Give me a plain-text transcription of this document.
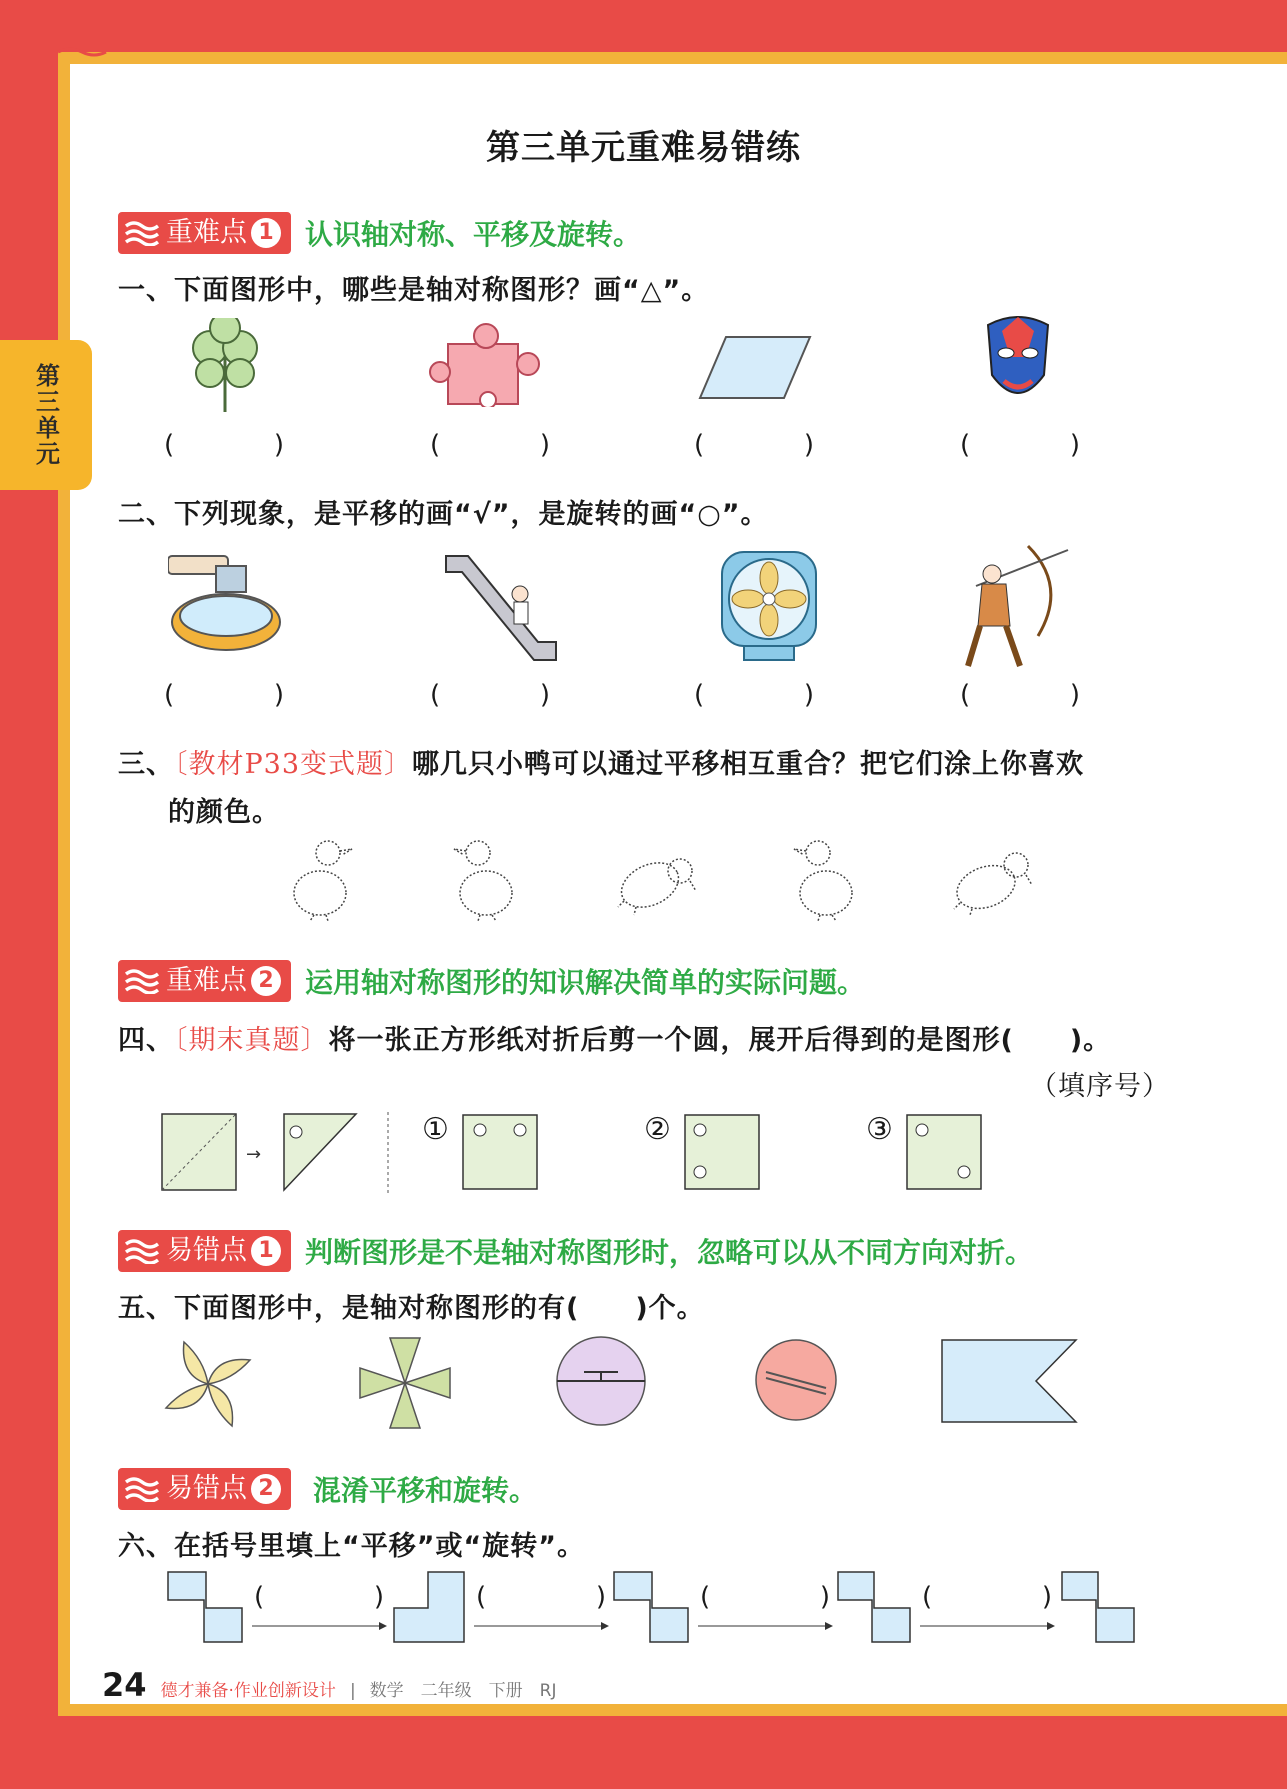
第三单元重难易错练
第三单元
重难点 1 认识轴对称、平移及旋转。
一、下面图形中，哪些是轴对称图形？画“△”。
(	)	(	)	(	)	(	)
二、下列现象，是平移的画“√”，是旋转的画“○”。
(	)	(	)	(	)	(	)
三、〔教材P33变式题〕哪几只小鸭可以通过平移相互重合？把它们涂上你喜欢
的颜色。
重难点 2 运用轴对称图形的知识解决简单的实际问题。
四、〔期末真题〕将一张正方形纸对折后剪一个圆，展开后得到的是图形(　　)。
（填序号）
→
①	②	③
易错点 1 判断图形是不是轴对称图形时，忽略可以从不同方向对折。
五、下面图形中，是轴对称图形的有(　　)个。
易错点 2 混淆平移和旋转。
六、在括号里填上“平移”或“旋转”。
(	)	(	)	(	)	(	)
24 德才兼备·作业创新设计 | 数学　二年级　下册　RJ
